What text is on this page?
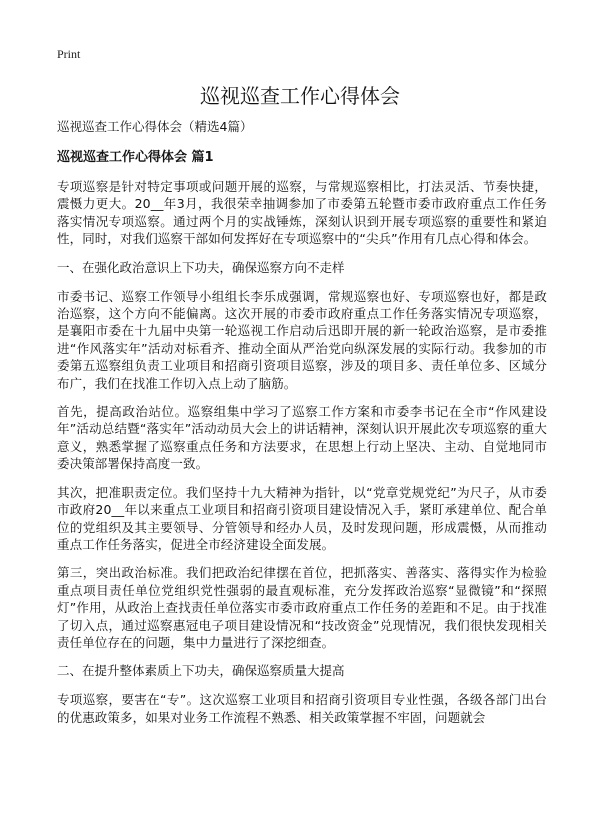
Print
巡视巡查工作心得体会
巡视巡查工作心得体会（精选4篇）
巡视巡查工作心得体会 篇1

专项巡察是针对特定事项或问题开展的巡察，与常规巡察相比，打法灵活、节奏快捷，震慑力更大。20__年3月，我很荣幸抽调参加了市委第五轮暨市委市政府重点工作任务落实情况专项巡察。通过两个月的实战锤炼，深刻认识到开展专项巡察的重要性和紧迫性，同时，对我们巡察干部如何发挥好在专项巡察中的“尖兵”作用有几点心得和体会。

一、在强化政治意识上下功夫，确保巡察方向不走样

市委书记、巡察工作领导小组组长李乐成强调，常规巡察也好、专项巡察也好，都是政治巡察，这个方向不能偏离。这次开展的市委市政府重点工作任务落实情况专项巡察，是襄阳市委在十九届中央第一轮巡视工作启动后迅即开展的新一轮政治巡察，是市委推进“作风落实年”活动对标看齐、推动全面从严治党向纵深发展的实际行动。我参加的市委第五巡察组负责工业项目和招商引资项目巡察，涉及的项目多、责任单位多、区域分布广，我们在找准工作切入点上动了脑筋。

首先，提高政治站位。巡察组集中学习了巡察工作方案和市委李书记在全市“作风建设年”活动总结暨“落实年”活动动员大会上的讲话精神，深刻认识开展此次专项巡察的重大意义，熟悉掌握了巡察重点任务和方法要求，在思想上行动上坚决、主动、自觉地同市委决策部署保持高度一致。

其次，把准职责定位。我们坚持十九大精神为指针，以“党章党规党纪”为尺子，从市委市政府20__年以来重点工业项目和招商引资项目建设情况入手，紧盯承建单位、配合单位的党组织及其主要领导、分管领导和经办人员，及时发现问题，形成震慑，从而推动重点工作任务落实，促进全市经济建设全面发展。

第三，突出政治标准。我们把政治纪律摆在首位，把抓落实、善落实、落得实作为检验重点项目责任单位党组织党性强弱的最直观标准，充分发挥政治巡察“显微镜”和“探照灯”作用，从政治上查找责任单位落实市委市政府重点工作任务的差距和不足。由于找准了切入点，通过巡察惠冠电子项目建设情况和“技改资金”兑现情况，我们很快发现相关责任单位存在的问题，集中力量进行了深挖细查。

二、在提升整体素质上下功夫，确保巡察质量大提高

专项巡察，要害在“专”。这次巡察工业项目和招商引资项目专业性强，各级各部门出台的优惠政策多，如果对业务工作流程不熟悉、相关政策掌握不牢固，问题就会
